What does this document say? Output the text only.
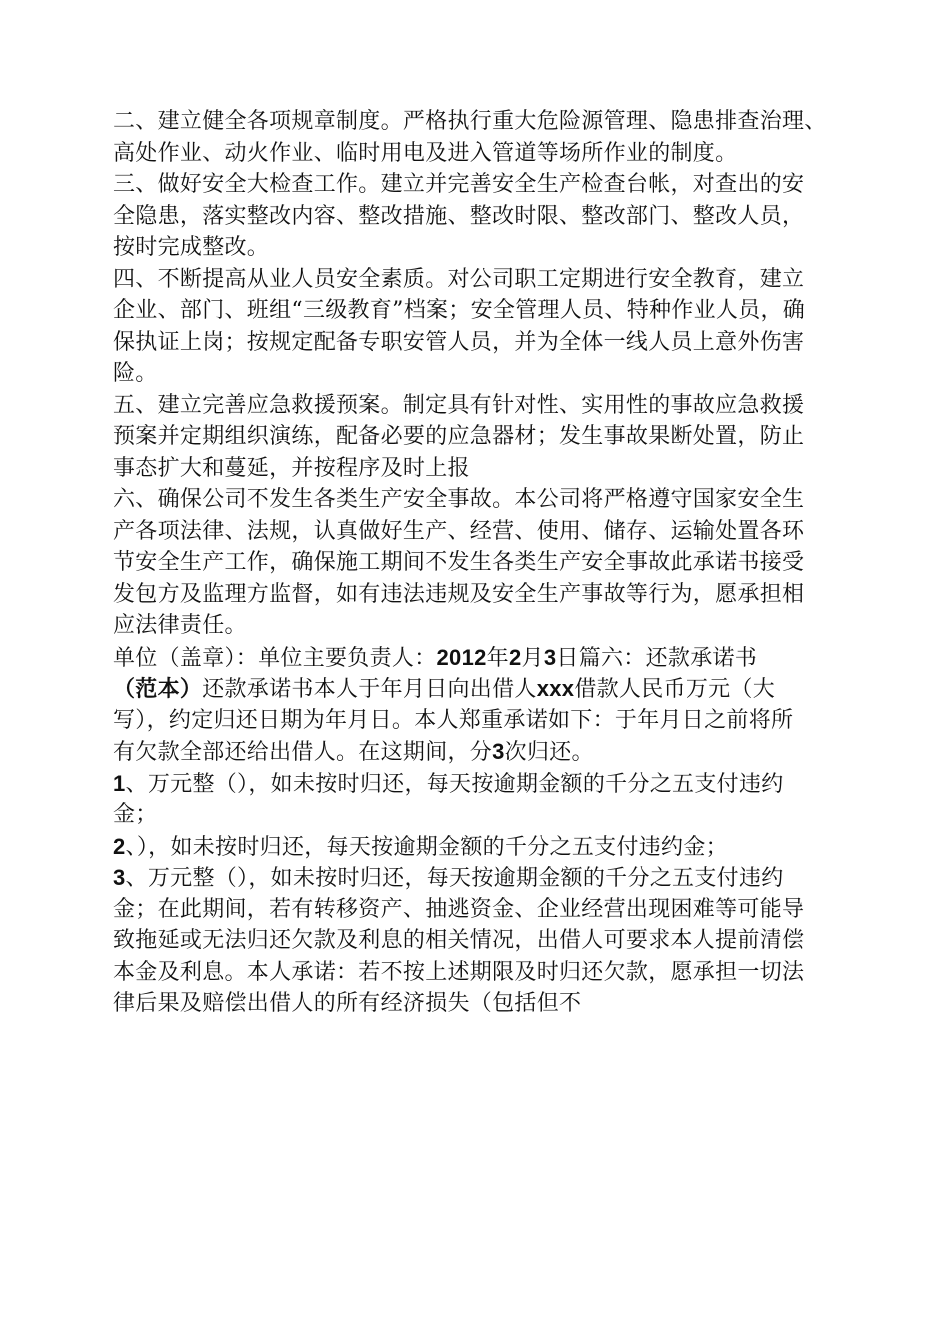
二、建立健全各项规章制度。严格执行重大危险源管理、隐患排查治理、
高处作业、动火作业、临时用电及进入管道等场所作业的制度。
三、做好安全大检查工作。建立并完善安全生产检查台帐，对查出的安
全隐患，落实整改内容、整改措施、整改时限、整改部门、整改人员，
按时完成整改。
四、不断提高从业人员安全素质。对公司职工定期进行安全教育，建立
企业、部门、班组“三级教育”档案；安全管理人员、特种作业人员，确
保执证上岗；按规定配备专职安管人员，并为全体一线人员上意外伤害
险。
五、建立完善应急救援预案。制定具有针对性、实用性的事故应急救援
预案并定期组织演练，配备必要的应急器材；发生事故果断处置，防止
事态扩大和蔓延，并按程序及时上报
六、确保公司不发生各类生产安全事故。本公司将严格遵守国家安全生
产各项法律、法规，认真做好生产、经营、使用、储存、运输处置各环
节安全生产工作，确保施工期间不发生各类生产安全事故此承诺书接受
发包方及监理方监督，如有违法违规及安全生产事故等行为，愿承担相
应法律责任。
单位（盖章）：单位主要负责人：2012年2月3日篇六：还款承诺书
（范本）还款承诺书本人于年月日向出借人xxx借款人民币万元（大
写），约定归还日期为年月日。本人郑重承诺如下：于年月日之前将所
有欠款全部还给出借人。在这期间，分3次归还。
1、万元整（），如未按时归还，每天按逾期金额的千分之五支付违约
金；
2、），如未按时归还，每天按逾期金额的千分之五支付违约金；
3、万元整（），如未按时归还，每天按逾期金额的千分之五支付违约
金；在此期间，若有转移资产、抽逃资金、企业经营出现困难等可能导
致拖延或无法归还欠款及利息的相关情况，出借人可要求本人提前清偿
本金及利息。本人承诺：若不按上述期限及时归还欠款，愿承担一切法
律后果及赔偿出借人的所有经济损失（包括但不
